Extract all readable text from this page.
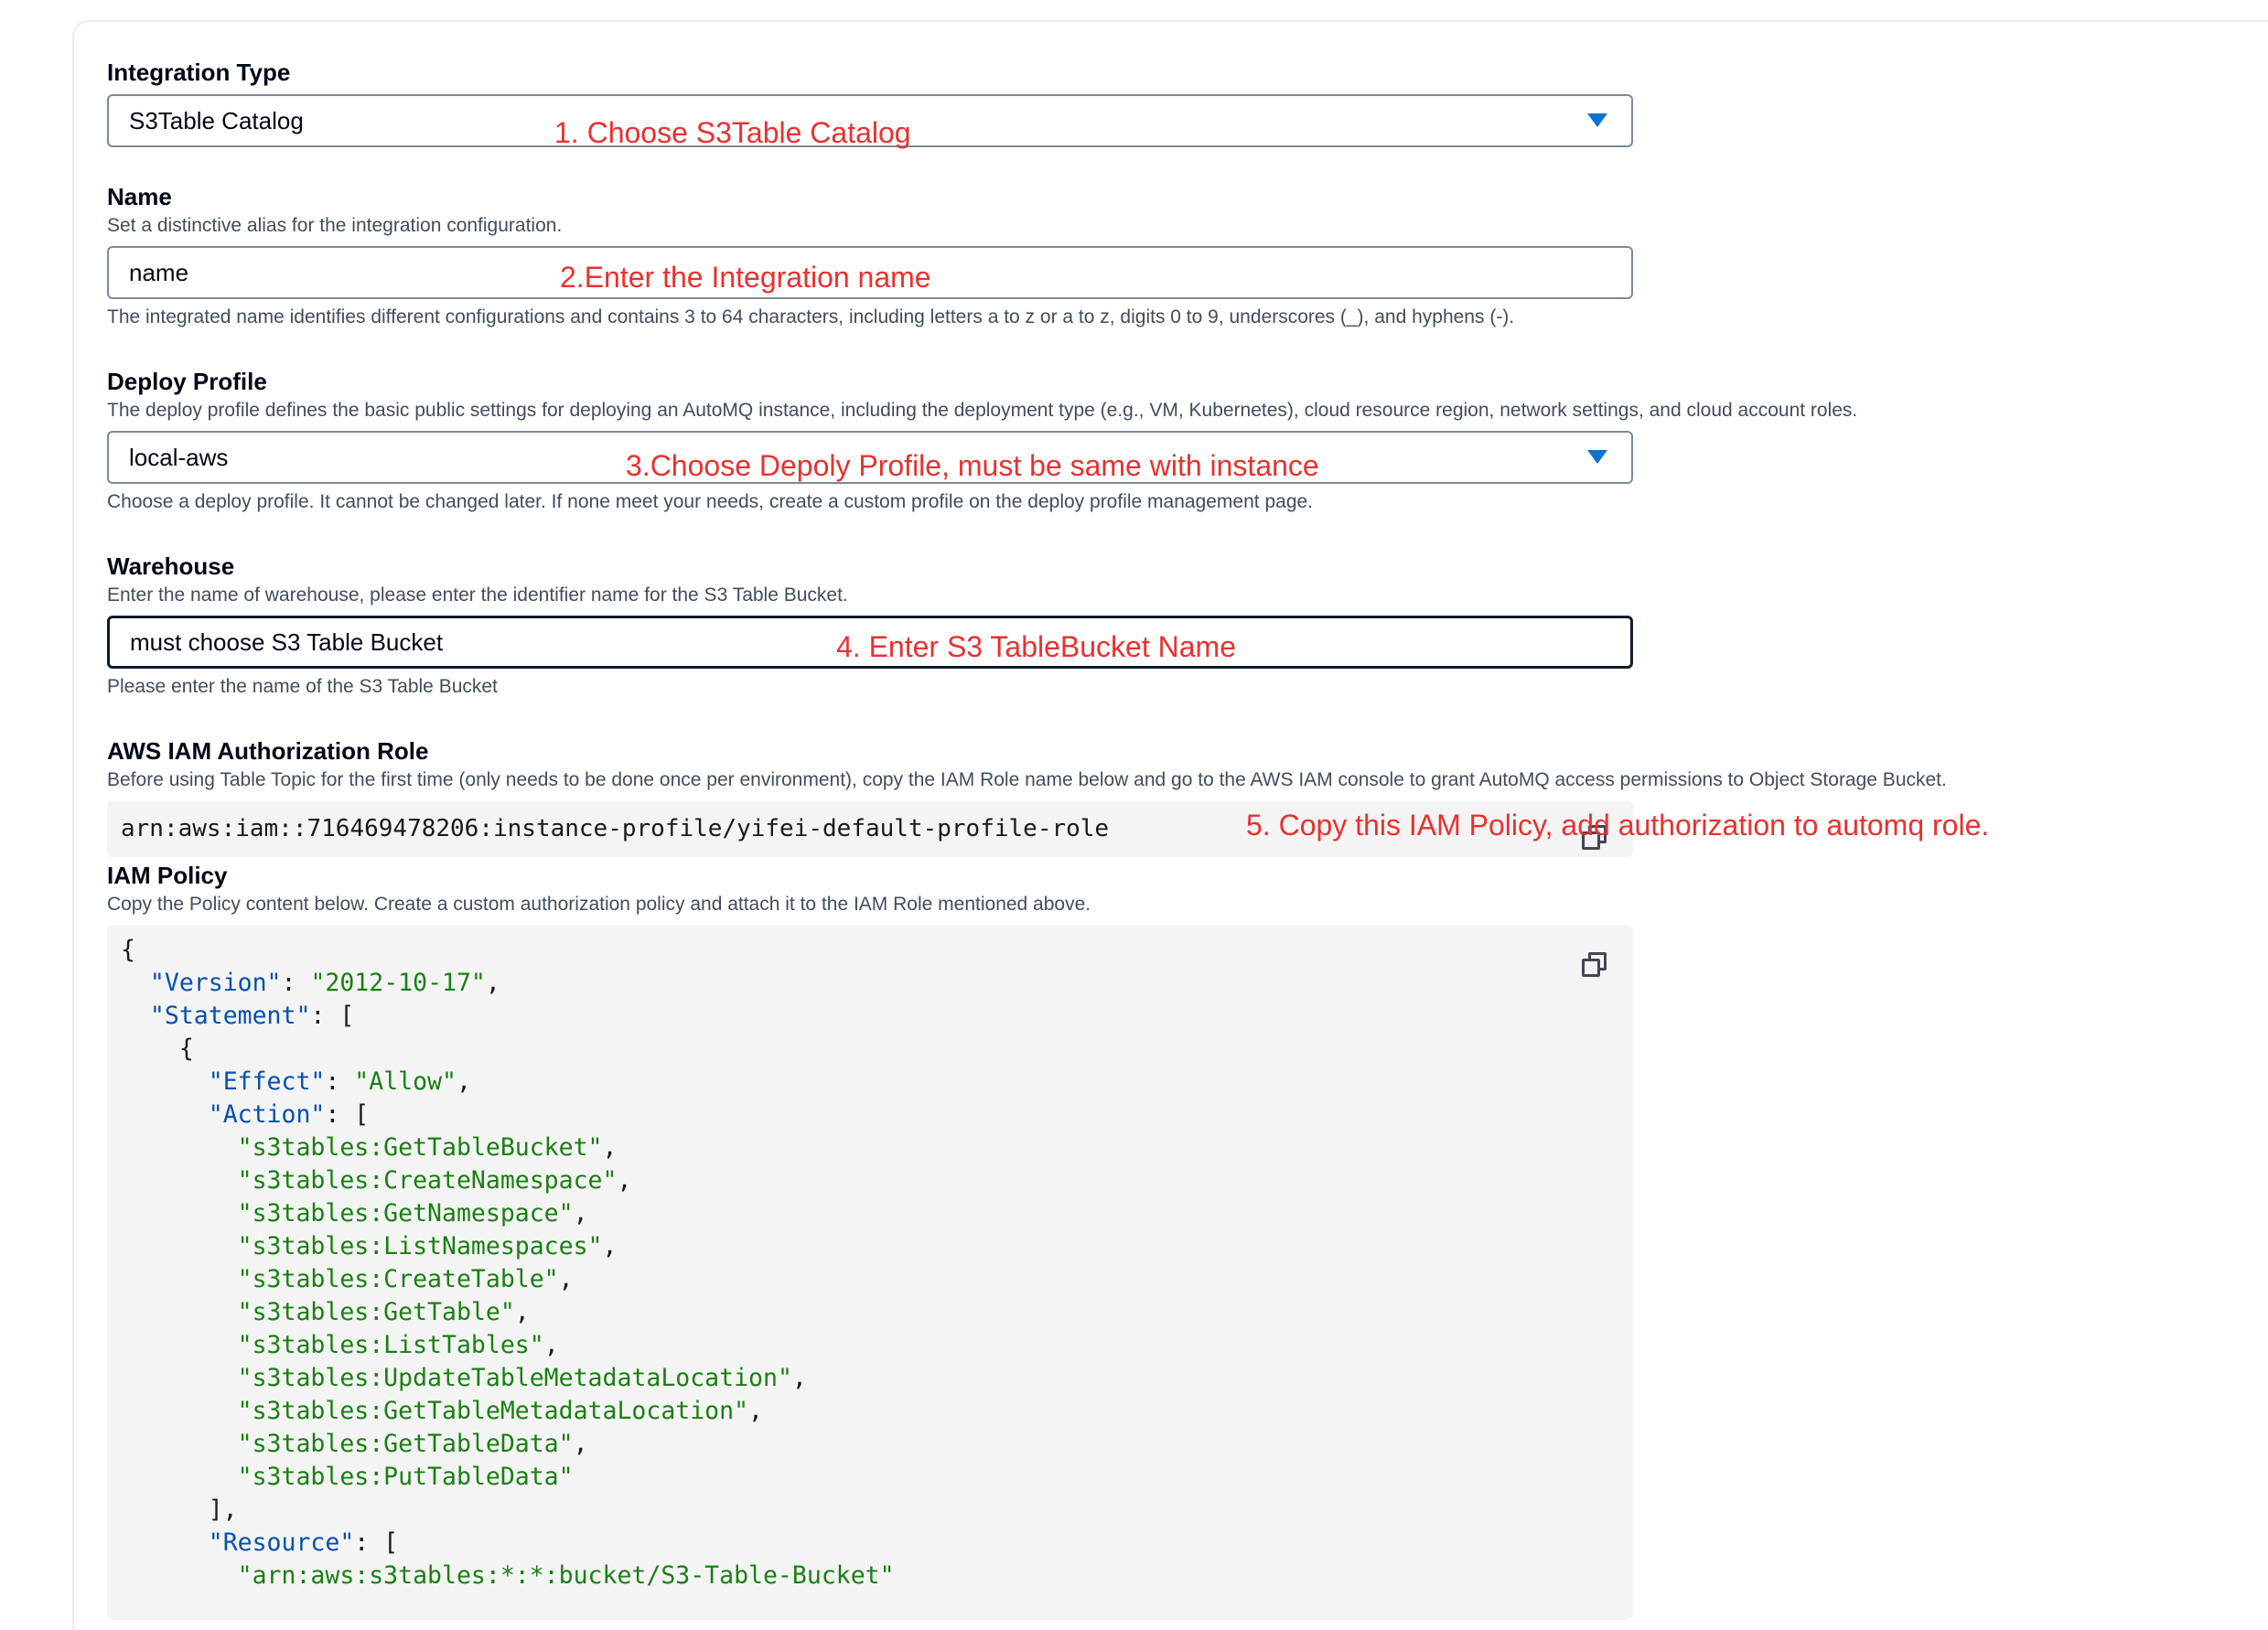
Integration Type
S3Table Catalog	1. Choose S3Table Catalog
Name
Set a distinctive alias for the integration configuration.
name	2.Enter the Integration name
The integrated name identifies different configurations and contains 3 to 64 characters, including letters a to z or a to z, digits 0 to 9, underscores (_), and hyphens (-).
Deploy Profile
The deploy profile defines the basic public settings for deploying an AutoMQ instance, including the deployment type (e.g., VM, Kubernetes), cloud resource region, network settings, and cloud account roles.
local-aws	3.Choose Depoly Profile, must be same with instance
Choose a deploy profile. It cannot be changed later. If none meet your needs, create a custom profile on the deploy profile management page.
Warehouse
Enter the name of warehouse, please enter the identifier name for the S3 Table Bucket.
must choose S3 Table Bucket	4. Enter S3 TableBucket Name
Please enter the name of the S3 Table Bucket
AWS IAM Authorization Role
Before using Table Topic for the first time (only needs to be done once per environment), copy the IAM Role name below and go to the AWS IAM console to grant AutoMQ access permissions to Object Storage Bucket.
arn:aws:iam::716469478206:instance-profile/yifei-default-profile-role	5. Copy this IAM Policy, add authorization to automq role.
IAM Policy
Copy the Policy content below. Create a custom authorization policy and attach it to the IAM Role mentioned above.
{
"Version": "2012-10-17",
"Statement": [
{
"Effect": "Allow",
"Action": [
"s3tables:GetTableBucket",
"s3tables:CreateNamespace",
"s3tables:GetNamespace",
"s3tables:ListNamespaces",
"s3tables:CreateTable",
"s3tables:GetTable",
"s3tables:ListTables",
"s3tables:UpdateTableMetadataLocation",
"s3tables:GetTableMetadataLocation",
"s3tables:GetTableData",
"s3tables:PutTableData"
],
"Resource": [
"arn:aws:s3tables:*:*:bucket/S3-Table-Bucket"
